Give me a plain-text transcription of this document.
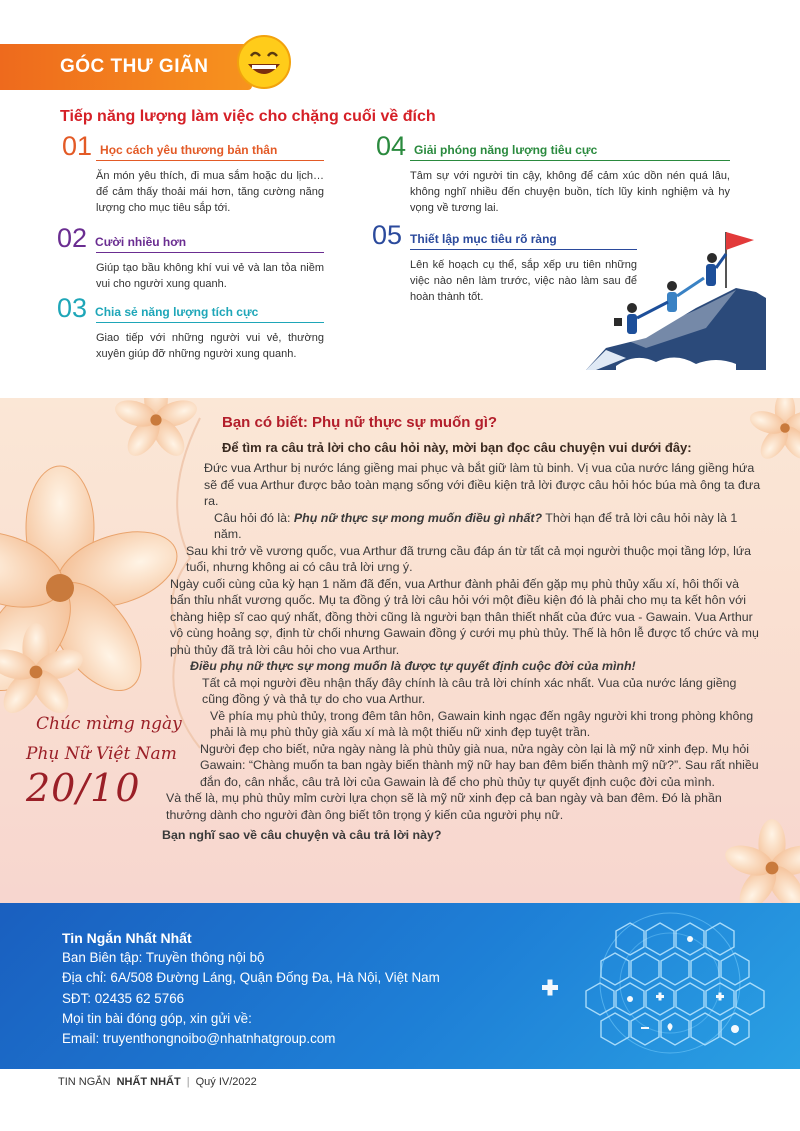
GÓC THƯ GIÃN
Tiếp năng lượng làm việc cho chặng cuối về đích
01 Học cách yêu thương bản thân
Ăn món yêu thích, đi mua sắm hoặc du lịch… để cảm thấy thoải mái hơn, tăng cường năng lượng cho mục tiêu sắp tới.
02 Cười nhiều hơn
Giúp tạo bầu không khí vui vẻ và lan tỏa niềm vui cho người xung quanh.
03 Chia sẻ năng lượng tích cực
Giao tiếp với những người vui vẻ, thường xuyên giúp đỡ những người xung quanh.
04 Giải phóng năng lượng tiêu cực
Tâm sự với người tin cậy, không để cảm xúc dồn nén quá lâu, không nghĩ nhiều đến chuyện buồn, tích lũy kinh nghiệm và hy vọng về tương lai.
05 Thiết lập mục tiêu rõ ràng
Lên kế hoạch cụ thể, sắp xếp ưu tiên những việc nào nên làm trước, việc nào làm sau để hoàn thành tốt.
Bạn có biết: Phụ nữ thực sự muốn gì?
Để tìm ra câu trả lời cho câu hỏi này, mời bạn đọc câu chuyện vui dưới đây:

Đức vua Arthur bị nước láng giềng mai phục và bắt giữ làm tù binh. Vị vua của nước láng giềng hứa sẽ để vua Arthur được bảo toàn mạng sống với điều kiện trả lời được câu hỏi hóc búa mà ông ta đưa ra.

Câu hỏi đó là: Phụ nữ thực sự mong muốn điều gì nhất? Thời hạn để trả lời câu hỏi này là 1 năm.

Sau khi trở về vương quốc, vua Arthur đã trưng cầu đáp án từ tất cả mọi người thuộc mọi tầng lớp, lứa tuổi, nhưng không ai có câu trả lời ưng ý.

Ngày cuối cùng của kỳ hạn 1 năm đã đến, vua Arthur đành phải đến gặp mụ phù thủy xấu xí, hôi thối và bẩn thỉu nhất vương quốc. Mụ ta đồng ý trả lời câu hỏi với một điều kiện đó là phải cho mụ ta kết hôn với chàng hiệp sĩ cao quý nhất, đồng thời cũng là người bạn thân thiết nhất của đức vua - Gawain. Vua Arthur vô cùng hoảng sợ, định từ chối nhưng Gawain đồng ý cưới mụ phù thủy. Thế là hôn lễ được tổ chức và mụ phù thủy đã trả lời câu hỏi cho vua Arthur.

Điều phụ nữ thực sự mong muốn là được tự quyết định cuộc đời của mình!

Tất cả mọi người đều nhận thấy đây chính là câu trả lời chính xác nhất. Vua của nước láng giềng cũng đồng ý và thả tự do cho vua Arthur.

Về phía mụ phù thủy, trong đêm tân hôn, Gawain kinh ngạc đến ngây người khi trong phòng không phải là mụ phù thủy già xấu xí mà là một thiếu nữ xinh đẹp tuyệt trần.

Người đẹp cho biết, nửa ngày nàng là phù thủy già nua, nửa ngày còn lại là mỹ nữ xinh đẹp. Mụ hỏi Gawain: “Chàng muốn ta ban ngày biến thành mỹ nữ hay ban đêm biến thành mỹ nữ?”. Sau rất nhiều đắn đo, cân nhắc, câu trả lời của Gawain là để cho phù thủy tự quyết định cuộc đời của mình.

Và thế là, mụ phù thủy mỉm cười lựa chọn sẽ là mỹ nữ xinh đẹp cả ban ngày và ban đêm. Đó là phần thưởng dành cho người đàn ông biết tôn trọng ý kiến của người phụ nữ.

Bạn nghĩ sao về câu chuyện và câu trả lời này?

Chúc mừng ngày
Phụ Nữ Việt Nam
20/10
Tin Ngắn Nhất Nhất
Ban Biên tập: Truyền thông nội bộ
Địa chỉ: 6A/508 Đường Láng, Quận Đống Đa, Hà Nội, Việt Nam
SĐT: 02435 62 5766
Mọi tin bài đóng góp, xin gửi về:
Email: truyenthongnoibo@nhatnhatgroup.com
TIN NGẮN NHẤT NHẤT | Quý IV/2022
